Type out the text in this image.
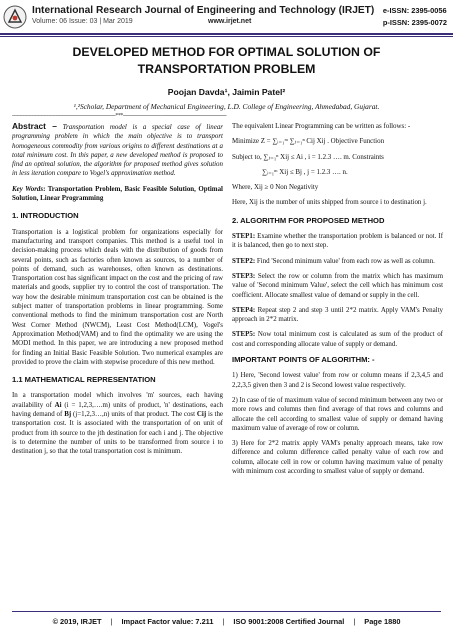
International Research Journal of Engineering and Technology (IRJET)
Volume: 06 Issue: 03 | Mar 2019	www.irjet.net
e-ISSN: 2395-0056
p-ISSN: 2395-0072
DEVELOPED METHOD FOR OPTIMAL SOLUTION OF TRANSPORTATION PROBLEM
Poojan Davda¹, Jaimin Patel²
¹,²Scholar, Department of Mechanical Engineering, L.D. College of Engineering, Ahmedabad, Gujarat.
---------------------------------------------------------------------***---------------------------------------------------------------------

Abstract – Transportation model is a special case of linear programming problem in which the main objective is to transport homogeneous commodity from various origins to different destinations at a total minimum cost. In this paper, a new developed method is proposed to find an optimal solution, the algorithm for proposed method gives solution in less iteration compare to Vogel's approximation method.

Key Words: Transportation Problem, Basic Feasible Solution, Optimal Solution, Linear Programming

1. INTRODUCTION

Transportation is a logistical problem for organizations especially for manufacturing and transport companies. This method is a useful tool in decision-making process which deals with the distribution of goods from several points, such as factories often known as sources, to a number of points of demand, such as warehouses, often known as destinations. Transportation cost has significant impact on the cost and the pricing of raw materials and goods, supplier try to control the cost of transportation. The way how the desirable minimum transportation cost can be obtained is the subject matter of transportation problems in linear programming. Some conventional methods to find the minimum transportation cost are North West Corner Method (NWCM), Least Cost Method(LCM), Vogel's Approximation Method(VAM) and to find the optimality we are using the MODI method. In this paper, we are introducing a new proposed method for finding an Initial Basic Feasible Solution. Two numerical examples are provided to prove the claim with stepwise procedure of this new method.

1.1 MATHEMATICAL REPRESENTATION

In a transportation model which involves 'm' sources, each having availability of Ai (i = 1,2,3,….m) units of product, 'n' destinations, each having demand of Bj (j=1,2,3…,n) units of that product. The cost Cij is the transportation cost. It is associated with the transportation of on unit of product from ith source to the jth destination for each i and j. The objective is to determine the number of units to be transformed from source i to destination j, so that the total transportation cost is minimum.

The equivalent Linear Programming can be written as follows: -

Minimize Z = ∑ᵢ₌₁ᵐ ∑ⱼ₌₁ⁿ Cij Xij . Objective Function

Subject to, ∑ⱼ₌₁ⁿ Xij ≤ Ai , i = 1.2.3 …. m. Constraints

∑ᵢ₌₁ᵐ Xij ≤ Bj , j = 1.2.3 …. n.

Where, Xij ≥ 0 Non Negativity

Here, Xij is the number of units shipped from source i to destination j.

2. ALGORITHM FOR PROPOSED METHOD

STEP1: Examine whether the transportation problem is balanced or not. If it is balanced, then go to next step.

STEP2: Find 'Second minimum value' from each row as well as column.

STEP3: Select the row or column from the matrix which has maximum value of 'Second minimum Value', select the cell which has minimum cost coefficient. Allocate smallest value of demand or supply in the cell.

STEP4: Repeat step 2 and step 3 until 2*2 matrix. Apply VAM's Penalty approach in 2*2 matrix.

STEP5: Now total minimum cost is calculated as sum of the product of cost and corresponding allocate value of supply or demand.

IMPORTANT POINTS OF ALGORITHM: -

1) Here, 'Second lowest value' from row or column means if 2,3,4,5 and 2,2,3,5 given then 3 and 2 is Second lowest value respectively.

2) In case of tie of maximum value of second minimum between any two or more rows and columns then find average of that rows and columns and allocate the cell according to smallest value of supply or demand having maximum value of average of row or column.

3) Here for 2*2 matrix apply VAM's penalty approach means, take row difference and column difference called penalty value of each row and column, allocate cell in row or column having maximum value of penalty with minimum cost according to smallest value of supply or demand.

© 2019, IRJET | Impact Factor value: 7.211 | ISO 9001:2008 Certified Journal | Page 1880
